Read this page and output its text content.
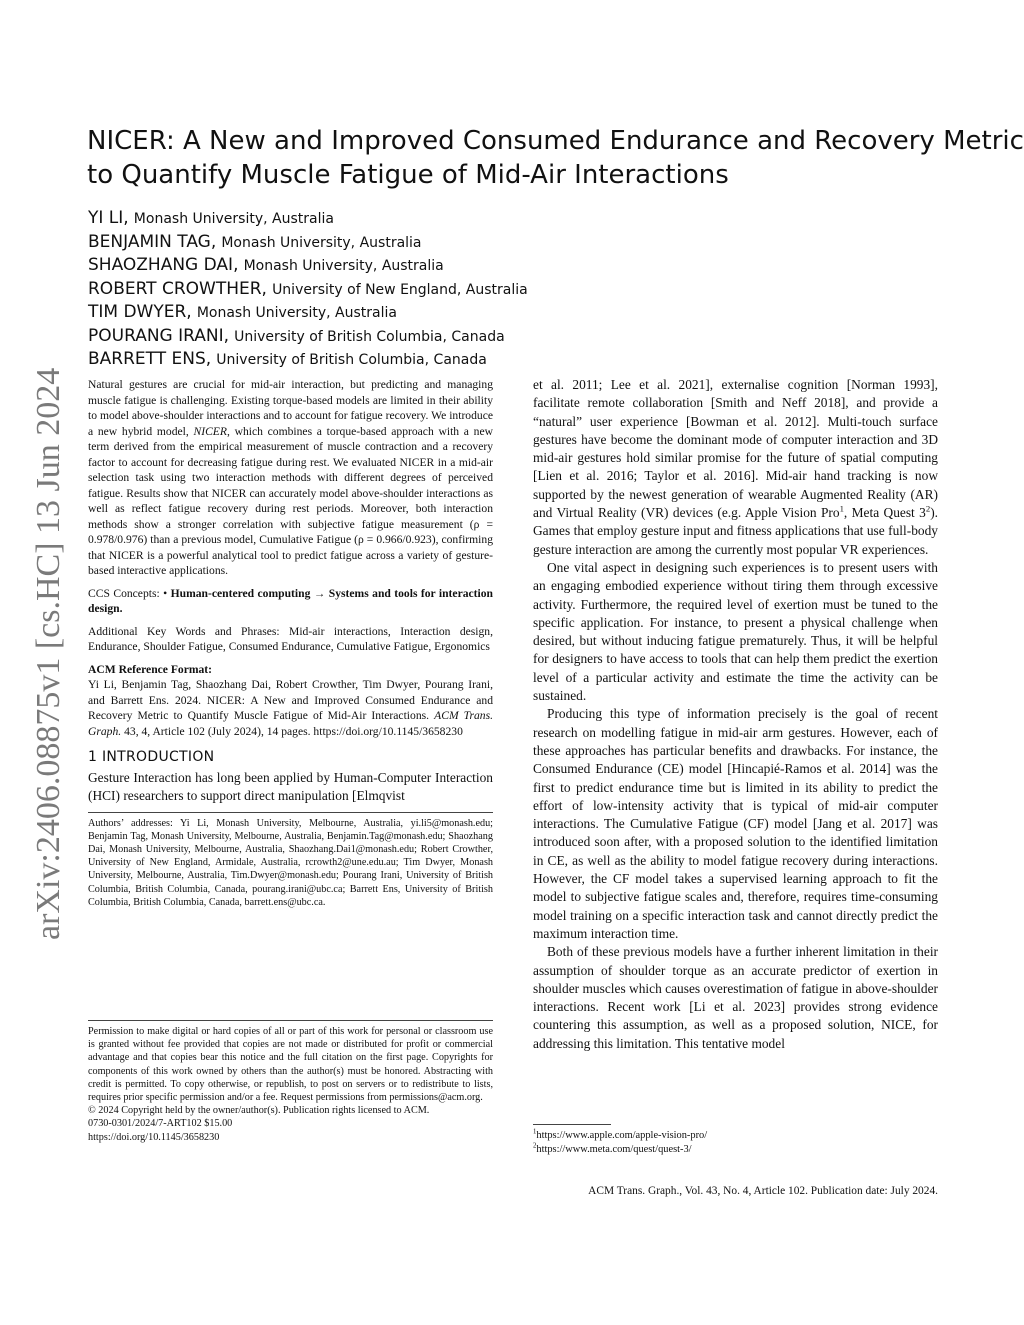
arXiv:2406.08875v1 [cs.HC] 13 Jun 2024
NICER: A New and Improved Consumed Endurance and Recovery Metric
to Quantify Muscle Fatigue of Mid-Air Interactions
YI LI, Monash University, Australia
BENJAMIN TAG, Monash University, Australia
SHAOZHANG DAI, Monash University, Australia
ROBERT CROWTHER, University of New England, Australia
TIM DWYER, Monash University, Australia
POURANG IRANI, University of British Columbia, Canada
BARRETT ENS, University of British Columbia, Canada

Natural gestures are crucial for mid-air interaction, but predicting and managing muscle fatigue is challenging. Existing torque-based models are limited in their ability to model above-shoulder interactions and to account for fatigue recovery. We introduce a new hybrid model, NICER, which combines a torque-based approach with a new term derived from the empirical measurement of muscle contraction and a recovery factor to account for decreasing fatigue during rest. We evaluated NICER in a mid-air selection task using two interaction methods with different degrees of perceived fatigue. Results show that NICER can accurately model above-shoulder interactions as well as reflect fatigue recovery during rest periods. Moreover, both interaction methods show a stronger correlation with subjective fatigue measurement (ρ = 0.978/0.976) than a previous model, Cumulative Fatigue (ρ = 0.966/0.923), confirming that NICER is a powerful analytical tool to predict fatigue across a variety of gesture-based interactive applications.

CCS Concepts: • Human-centered computing → Systems and tools for interaction design.

Additional Key Words and Phrases: Mid-air interactions, Interaction design, Endurance, Shoulder Fatigue, Consumed Endurance, Cumulative Fatigue, Ergonomics

ACM Reference Format:

Yi Li, Benjamin Tag, Shaozhang Dai, Robert Crowther, Tim Dwyer, Pourang Irani, and Barrett Ens. 2024. NICER: A New and Improved Consumed Endurance and Recovery Metric to Quantify Muscle Fatigue of Mid-Air Interactions. ACM Trans. Graph. 43, 4, Article 102 (July 2024), 14 pages. https://doi.org/10.1145/3658230

1 INTRODUCTION

Gesture Interaction has long been applied by Human-Computer Interaction (HCI) researchers to support direct manipulation [Elmqvist

Authors’ addresses: Yi Li, Monash University, Melbourne, Australia, yi.li5@monash.edu; Benjamin Tag, Monash University, Melbourne, Australia, Benjamin.Tag@monash.edu; Shaozhang Dai, Monash University, Melbourne, Australia, Shaozhang.Dai1@monash.edu; Robert Crowther, University of New England, Armidale, Australia, rcrowth2@une.edu.au; Tim Dwyer, Monash University, Melbourne, Australia, Tim.Dwyer@monash.edu; Pourang Irani, University of British Columbia, British Columbia, Canada, pourang.irani@ubc.ca; Barrett Ens, University of British Columbia, British Columbia, Canada, barrett.ens@ubc.ca.

Permission to make digital or hard copies of all or part of this work for personal or classroom use is granted without fee provided that copies are not made or distributed for profit or commercial advantage and that copies bear this notice and the full citation on the first page. Copyrights for components of this work owned by others than the author(s) must be honored. Abstracting with credit is permitted. To copy otherwise, or republish, to post on servers or to redistribute to lists, requires prior specific permission and/or a fee. Request permissions from permissions@acm.org.

© 2024 Copyright held by the owner/author(s). Publication rights licensed to ACM.

0730-0301/2024/7-ART102 $15.00

https://doi.org/10.1145/3658230

et al. 2011; Lee et al. 2021], externalise cognition [Norman 1993], facilitate remote collaboration [Smith and Neff 2018], and provide a “natural” user experience [Bowman et al. 2012]. Multi-touch surface gestures have become the dominant mode of computer interaction and 3D mid-air gestures hold similar promise for the future of spatial computing [Lien et al. 2016; Taylor et al. 2016]. Mid-air hand tracking is now supported by the newest generation of wearable Augmented Reality (AR) and Virtual Reality (VR) devices (e.g. Apple Vision Pro$^1$, Meta Quest $3^2$). Games that employ gesture input and fitness applications that use full-body gesture interaction are among the currently most popular VR experiences.

One vital aspect in designing such experiences is to present users with an engaging embodied experience without tiring them through excessive activity. Furthermore, the required level of exertion must be tuned to the specific application. For instance, to present a physical challenge when desired, but without inducing fatigue prematurely. Thus, it will be helpful for designers to have access to tools that can help them predict the exertion level of a particular activity and estimate the time the activity can be sustained.

Producing this type of information precisely is the goal of recent research on modelling fatigue in mid-air arm gestures. However, each of these approaches has particular benefits and drawbacks. For instance, the Consumed Endurance (CE) model [Hincapié-Ramos et al. 2014] was the first to predict endurance time but is limited in its ability to predict the effort of low-intensity activity that is typical of mid-air computer interactions. The Cumulative Fatigue (CF) model [Jang et al. 2017] was introduced soon after, with a proposed solution to the identified limitation in CE, as well as the ability to model fatigue recovery during interactions. However, the CF model takes a supervised learning approach to fit the model to subjective fatigue scales and, therefore, requires time-consuming model training on a specific interaction task and cannot directly predict the maximum interaction time.

Both of these previous models have a further inherent limitation in their assumption of shoulder torque as an accurate predictor of exertion in shoulder muscles which causes overestimation of fatigue in above-shoulder interactions. Recent work [Li et al. 2023] provides strong evidence countering this assumption, as well as a proposed solution, NICE, for addressing this limitation. This tentative model

$^1$https://www.apple.com/apple-vision-pro/
$^2$https://www.meta.com/quest/quest-3/
ACM Trans. Graph., Vol. 43, No. 4, Article 102. Publication date: July 2024.
